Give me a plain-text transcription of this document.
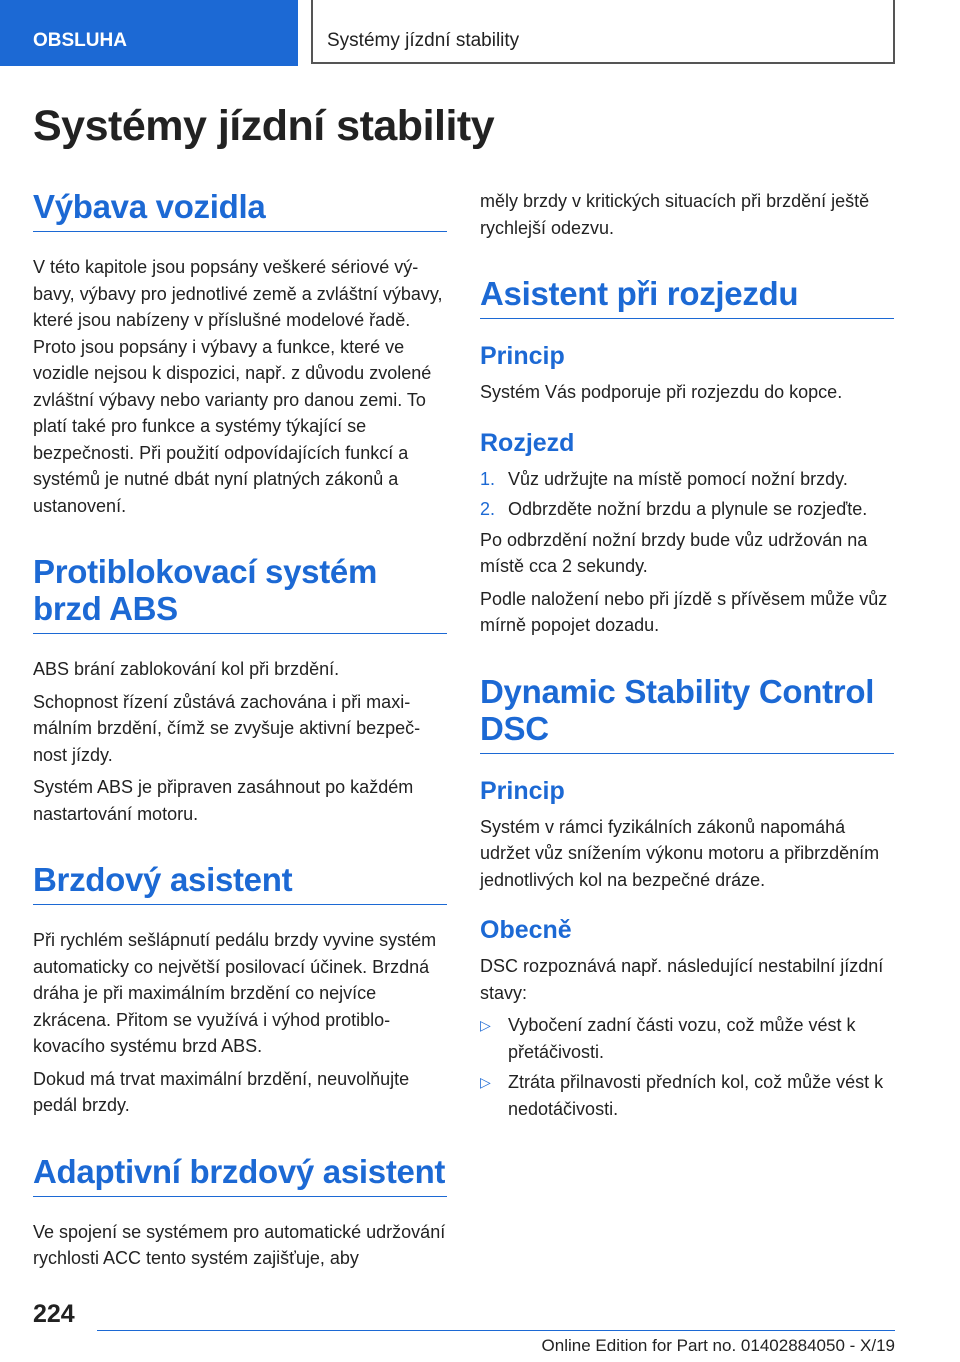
OBSLUHA	Systémy jízdní stability
Systémy jízdní stability
Výbava vozidla

V této kapitole jsou popsány veškeré sériové výbavy, výbavy pro jednotlivé země a zvláštní výbavy, které jsou nabízeny v příslušné modelové řadě. Proto jsou popsány i výbavy a funkce, které ve vozidle nejsou k dispozici, např. z důvodu zvolené zvláštní výbavy nebo varianty pro danou zemi. To platí také pro funkce a systémy týkající se bezpečnosti. Při použití odpovídajících funkcí a systémů je nutné dbát nyní platných zákonů a ustanovení.

Protiblokovací systém brzd ABS

ABS brání zablokování kol při brzdění.

Schopnost řízení zůstává zachována i při maximálním brzdění, čímž se zvyšuje aktivní bezpečnost jízdy.

Systém ABS je připraven zasáhnout po každém nastartování motoru.

Brzdový asistent

Při rychlém sešlápnutí pedálu brzdy vyvine systém automaticky co největší posilovací účinek. Brzdná dráha je při maximálním brzdění co nejvíce zkrácena. Přitom se využívá i výhod protiblokovacího systému brzd ABS.

Dokud má trvat maximální brzdění, neuvolňujte pedál brzdy.

Adaptivní brzdový asistent

Ve spojení se systémem pro automatické udržování rychlosti ACC tento systém zajišťuje, aby

měly brzdy v kritických situacích při brzdění ještě rychlejší odezvu.

Asistent při rozjezdu
Princip

Systém Vás podporuje při rozjezdu do kopce.

Rozjezd
1. Vůz udržujte na místě pomocí nožní brzdy.
2. Odbrzděte nožní brzdu a plynule se rozjeďte.

Po odbrzdění nožní brzdy bude vůz udržován na místě cca 2 sekundy.

Podle naložení nebo při jízdě s přívěsem může vůz mírně popojet dozadu.

Dynamic Stability Control DSC
Princip

Systém v rámci fyzikálních zákonů napomáhá udržet vůz snížením výkonu motoru a přibrzděním jednotlivých kol na bezpečné dráze.

Obecně

DSC rozpoznává např. následující nestabilní jízdní stavy:

▷ Vybočení zadní části vozu, což může vést k přetáčivosti.
▷ Ztráta přilnavosti předních kol, což může vést k nedotáčivosti.
224
Online Edition for Part no. 01402884050 - X/19
